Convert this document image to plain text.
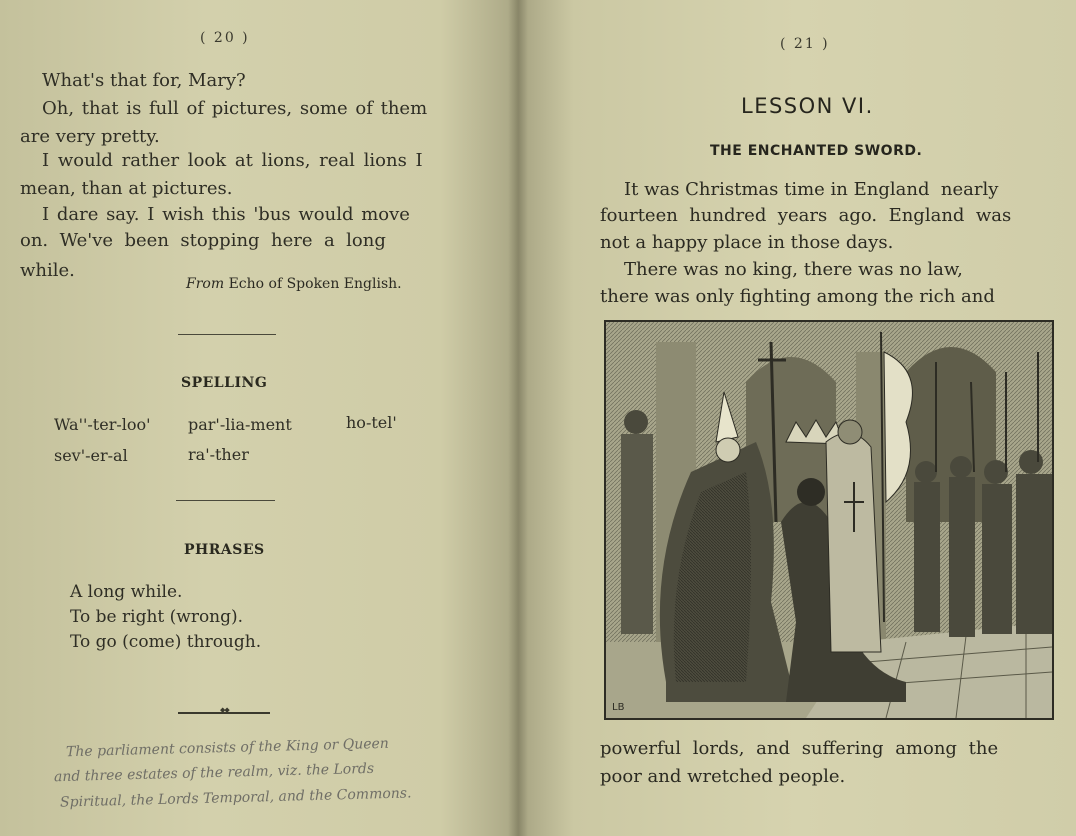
( 20 )
What's that for, Mary?
Oh, that is full of pictures, some of them
are very pretty.
I would rather look at lions, real lions I
mean, than at pictures.
I dare say. I wish this 'bus would move
on.  We've  been  stopping  here  a  long
while.
From Echo of Spoken English.
SPELLING
Wa''-ter-loo' par'-lia-ment	ho-tel'
sev'-er-al	ra'-ther
PHRASES
A long while.
To be right (wrong).
To go (come) through.
◆◆
The parliament consists of the King or Queen
and three estates of the realm, viz. the Lords
Spiritual, the Lords Temporal, and the Commons.
( 21 )
LESSON VI.
THE ENCHANTED SWORD.
It was Christmas time in England  nearly
fourteen  hundred  years  ago.  England  was
not a happy place in those days.
There was no king, there was no law,
there was only fighting among the rich and
powerful lords, and suffering among the
poor and wretched people.
LB
